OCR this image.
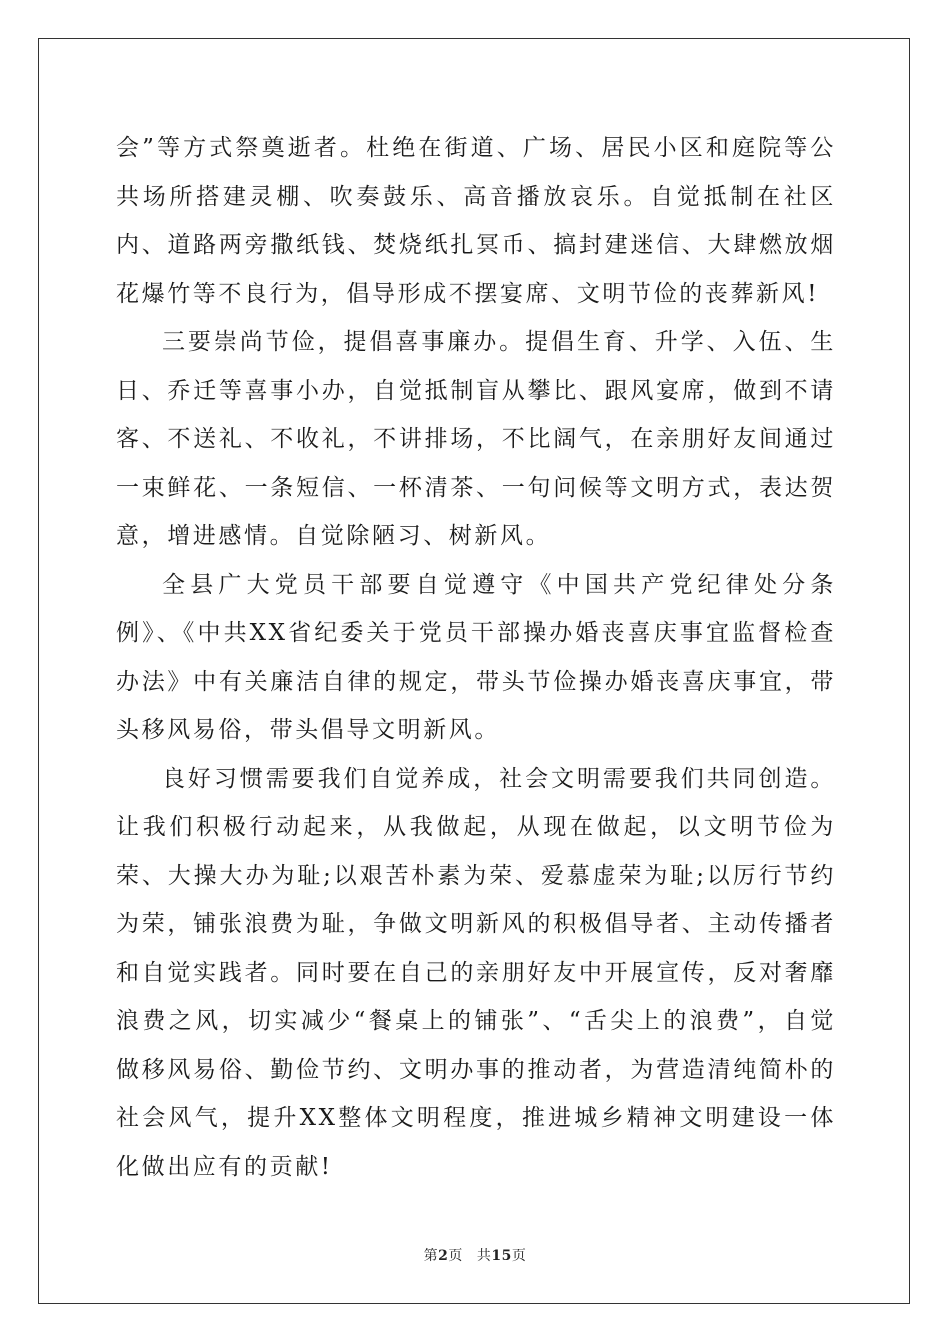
会”等方式祭奠逝者。杜绝在街道、广场、居民小区和庭院等公共场所搭建灵棚、吹奏鼓乐、高音播放哀乐。自觉抵制在社区内、道路两旁撒纸钱、焚烧纸扎冥币、搞封建迷信、大肆燃放烟花爆竹等不良行为，倡导形成不摆宴席、文明节俭的丧葬新风!

三要崇尚节俭，提倡喜事廉办。提倡生育、升学、入伍、生日、乔迁等喜事小办，自觉抵制盲从攀比、跟风宴席，做到不请客、不送礼、不收礼，不讲排场，不比阔气，在亲朋好友间通过一束鲜花、一条短信、一杯清茶、一句问候等文明方式，表达贺意，增进感情。自觉除陋习、树新风。

全县广大党员干部要自觉遵守《中国共产党纪律处分条例》、《中共XX省纪委关于党员干部操办婚丧喜庆事宜监督检查办法》中有关廉洁自律的规定，带头节俭操办婚丧喜庆事宜，带头移风易俗，带头倡导文明新风。

良好习惯需要我们自觉养成，社会文明需要我们共同创造。让我们积极行动起来，从我做起，从现在做起，以文明节俭为荣、大操大办为耻;以艰苦朴素为荣、爱慕虚荣为耻;以厉行节约为荣，铺张浪费为耻，争做文明新风的积极倡导者、主动传播者和自觉实践者。同时要在自己的亲朋好友中开展宣传，反对奢靡浪费之风，切实减少“餐桌上的铺张”、“舌尖上的浪费”，自觉做移风易俗、勤俭节约、文明办事的推动者，为营造清纯简朴的社会风气，提升XX整体文明程度，推进城乡精神文明建设一体化做出应有的贡献!

第2页 共15页
